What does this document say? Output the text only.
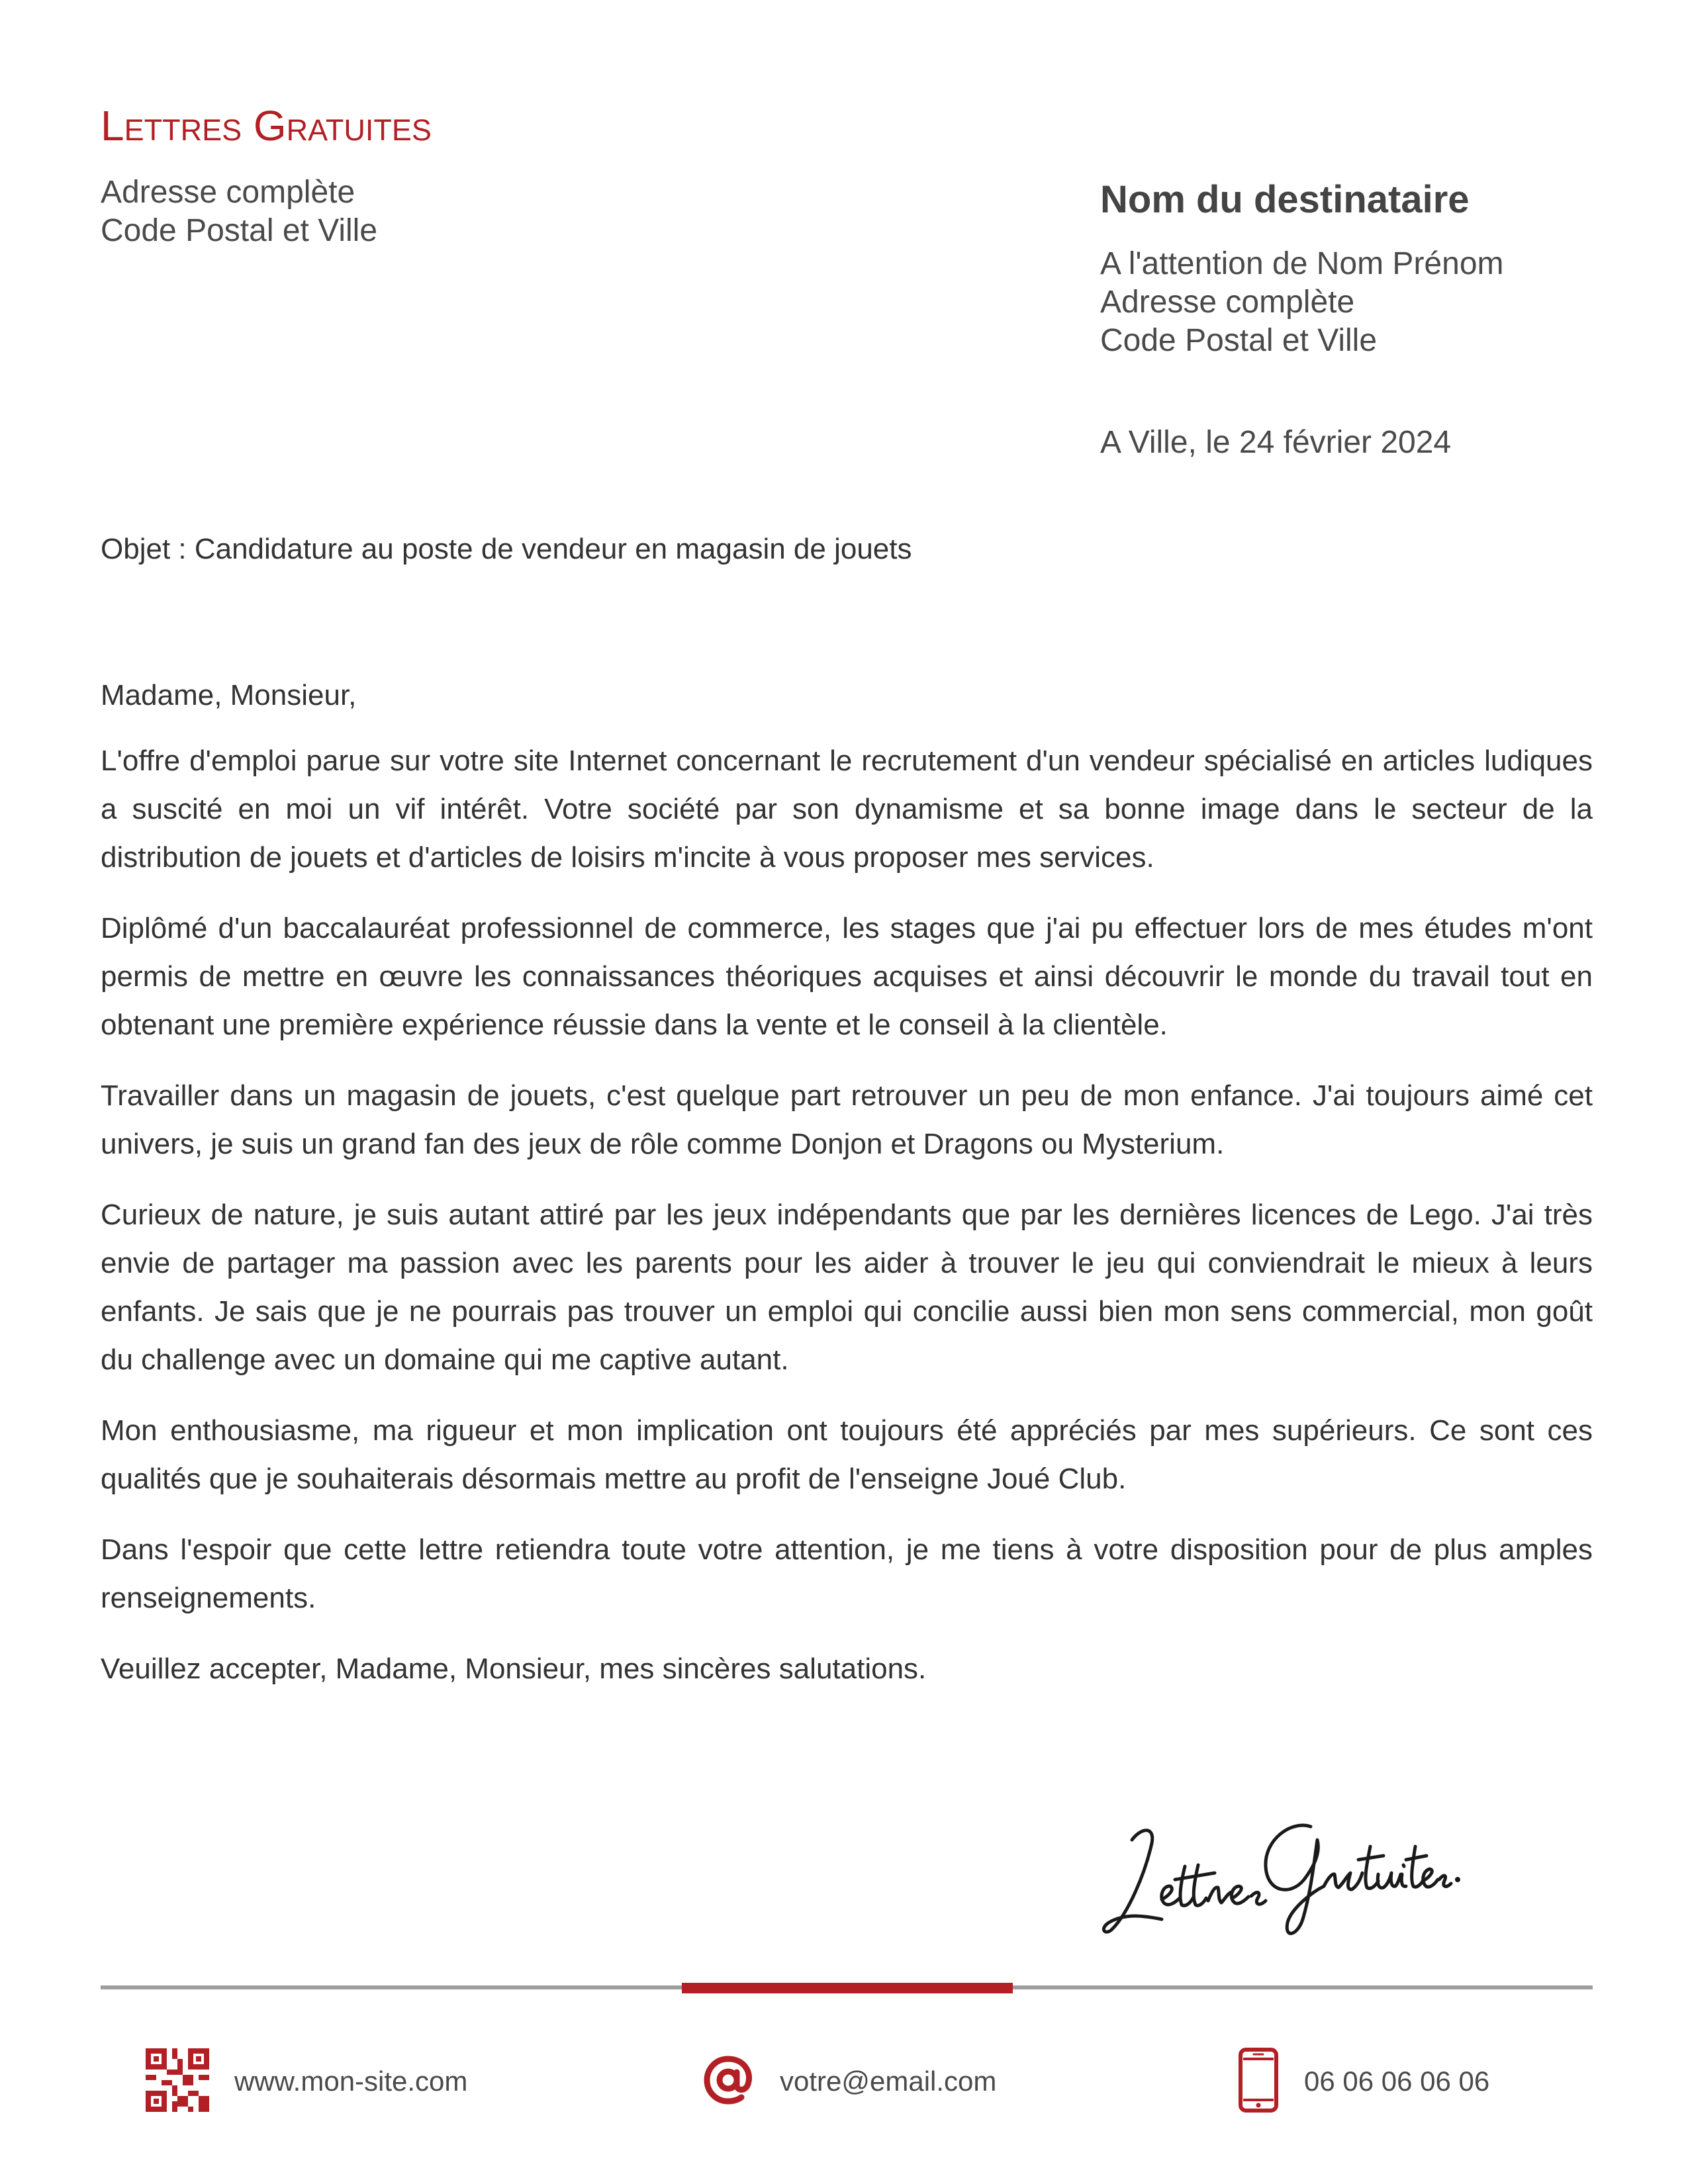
Lettres Gratuites
Adresse complète
Code Postal et Ville
Nom du destinataire
A l'attention de Nom Prénom
Adresse complète
Code Postal et Ville
A Ville, le 24 février 2024
Objet : Candidature au poste de vendeur en magasin de jouets

Madame, Monsieur,

L'offre d'emploi parue sur votre site Internet concernant le recrutement d'un vendeur spécialisé en articles ludiques a suscité en moi un vif intérêt. Votre société par son dynamisme et sa bonne image dans le secteur de la distribution de jouets et d'articles de loisirs m'incite à vous proposer mes services.

Diplômé d'un baccalauréat professionnel de commerce, les stages que j'ai pu effectuer lors de mes études m'ont permis de mettre en œuvre les connaissances théoriques acquises et ainsi découvrir le monde du travail tout en obtenant une première expérience réussie dans la vente et le conseil à la clientèle.

Travailler dans un magasin de jouets, c'est quelque part retrouver un peu de mon enfance. J'ai toujours aimé cet univers, je suis un grand fan des jeux de rôle comme Donjon et Dragons ou Mysterium.

Curieux de nature, je suis autant attiré par les jeux indépendants que par les dernières licences de Lego. J'ai très envie de partager ma passion avec les parents pour les aider à trouver le jeu qui conviendrait le mieux à leurs enfants. Je sais que je ne pourrais pas trouver un emploi qui concilie aussi bien mon sens commercial, mon goût du challenge avec un domaine qui me captive autant.

Mon enthousiasme, ma rigueur et mon implication ont toujours été appréciés par mes supérieurs. Ce sont ces qualités que je souhaiterais désormais mettre au profit de l'enseigne Joué Club.

Dans l'espoir que cette lettre retiendra toute votre attention, je me tiens à votre disposition pour de plus amples renseignements.

Veuillez accepter, Madame, Monsieur, mes sincères salutations.

www.mon-site.com	votre@email.com	06 06 06 06 06
